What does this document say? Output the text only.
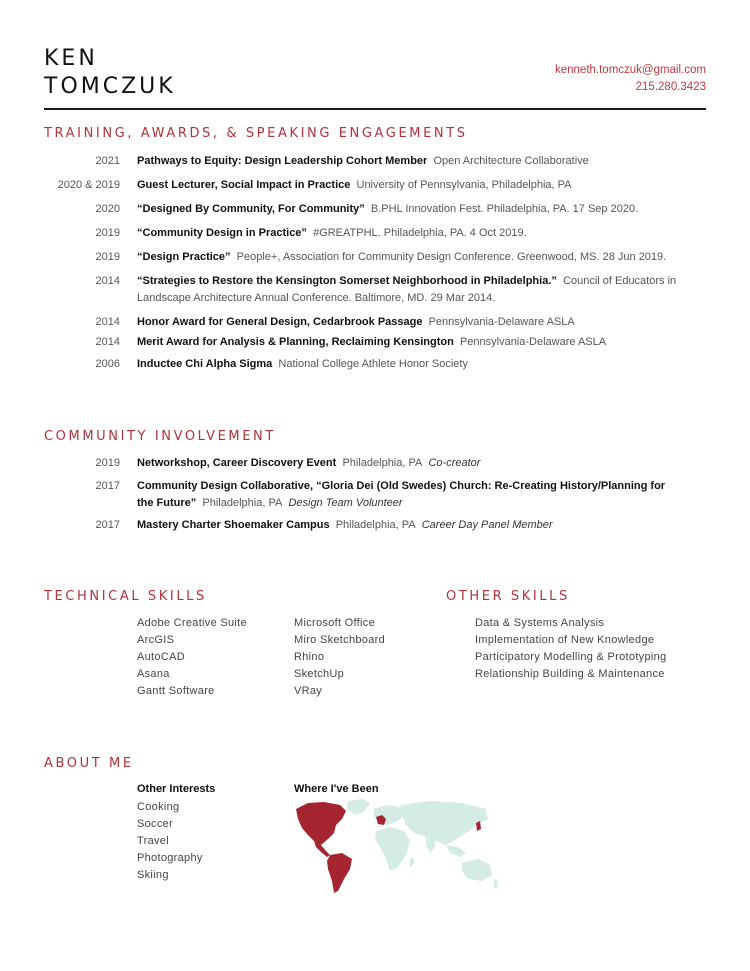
KEN
TOMCZUK
kenneth.tomczuk@gmail.com
215.280.3423
TRAINING, AWARDS, & SPEAKING ENGAGEMENTS
2021	Pathways to Equity: Design Leadership Cohort Member Open Architecture Collaborative
2020 & 2019	Guest Lecturer, Social Impact in Practice University of Pennsylvania, Philadelphia, PA
2020	“Designed By Community, For Community” B.PHL Innovation Fest. Philadelphia, PA. 17 Sep 2020.
2019	“Community Design in Practice” #GREATPHL. Philadelphia, PA. 4 Oct 2019.
2019	“Design Practice” People+, Association for Community Design Conference. Greenwood, MS. 28 Jun 2019.
2014	“Strategies to Restore the Kensington Somerset Neighborhood in Philadelphia.” Council of Educators in Landscape Architecture Annual Conference. Baltimore, MD. 29 Mar 2014.
2014	Honor Award for General Design, Cedarbrook Passage Pennsylvania-Delaware ASLA
2014	Merit Award for Analysis & Planning, Reclaiming Kensington Pennsylvania-Delaware ASLA
2006	Inductee Chi Alpha Sigma National College Athlete Honor Society
COMMUNITY INVOLVEMENT
2019	Networkshop, Career Discovery Event Philadelphia, PA Co-creator
2017	Community Design Collaborative, “Gloria Dei (Old Swedes) Church: Re-Creating History/Planning for the Future” Philadelphia, PA Design Team Volunteer
2017	Mastery Charter Shoemaker Campus Philadelphia, PA Career Day Panel Member
TECHNICAL SKILLS
Adobe Creative Suite
ArcGIS
AutoCAD
Asana
Gantt Software
Microsoft Office
Miro Sketchboard
Rhino
SketchUp
VRay
OTHER SKILLS
Data & Systems Analysis
Implementation of New Knowledge
Participatory Modelling & Prototyping
Relationship Building & Maintenance
ABOUT ME
Other Interests
Cooking
Soccer
Travel
Photography
Skiing
Where I've Been
